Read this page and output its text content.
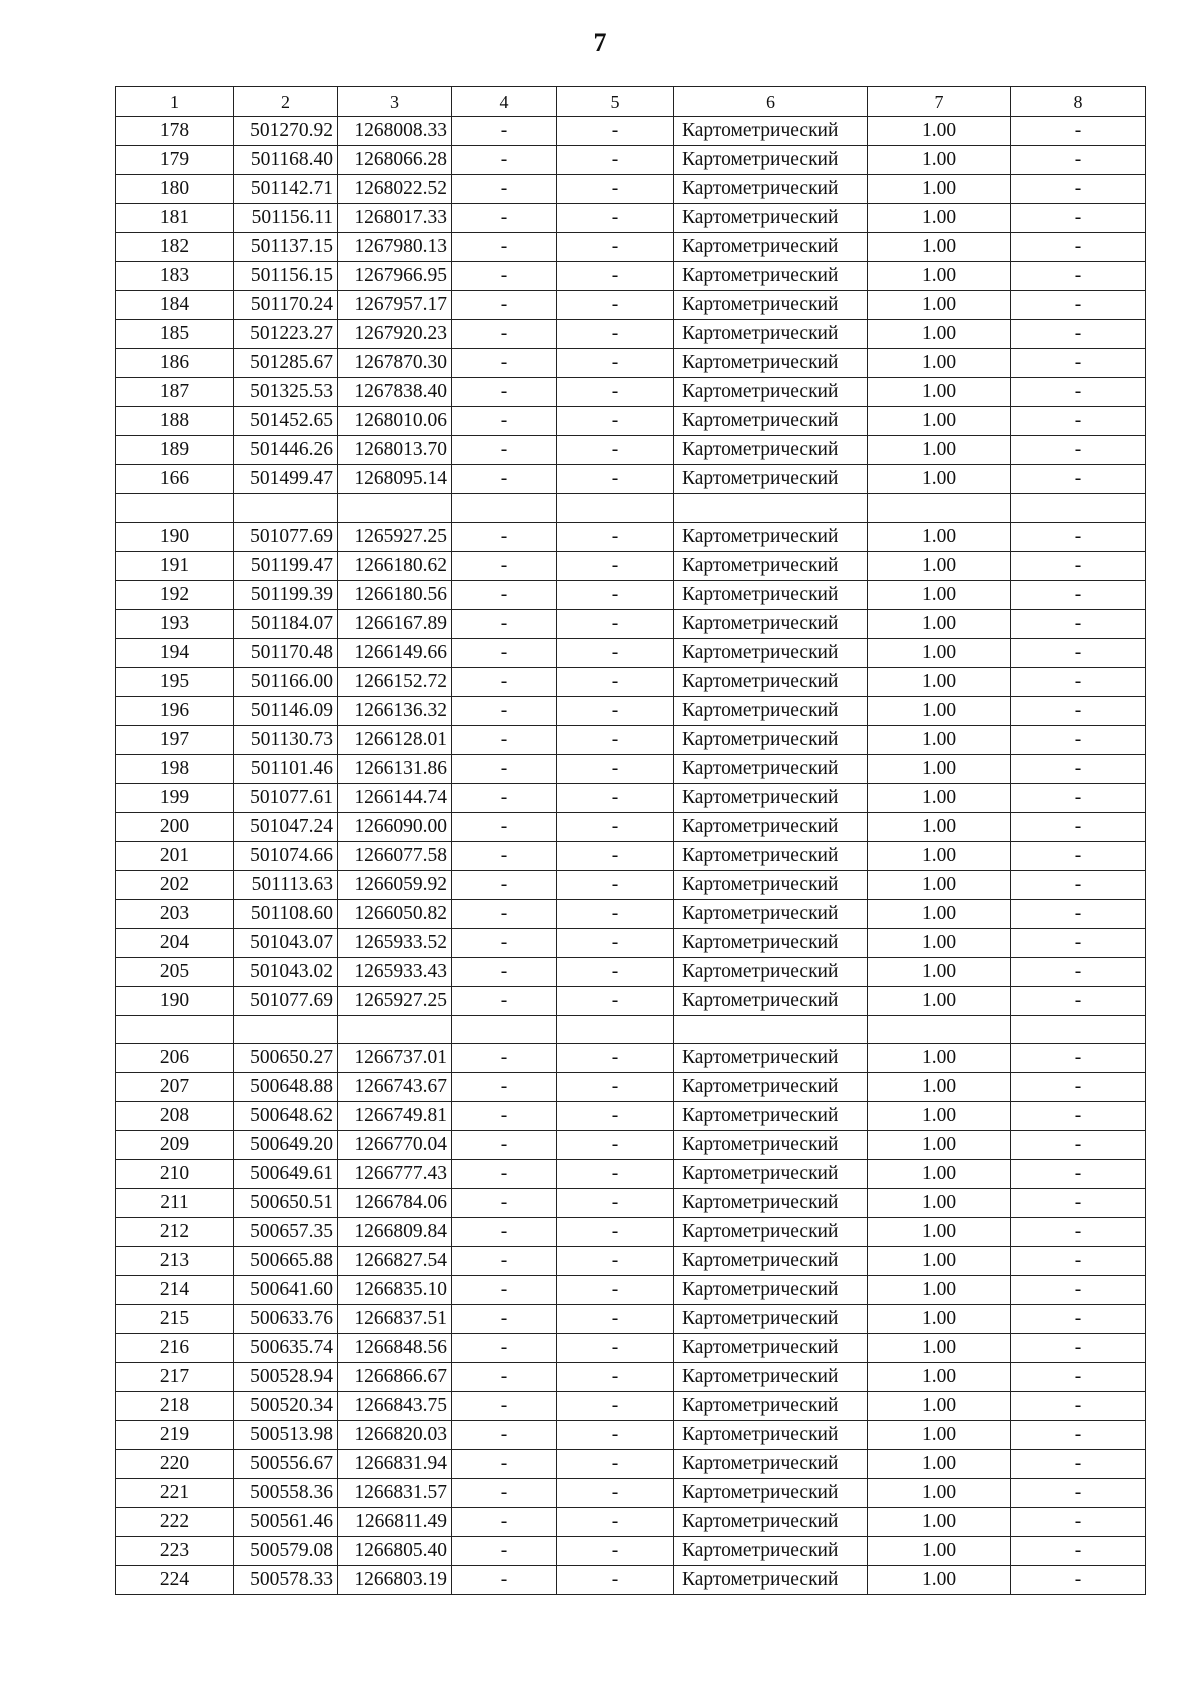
7
1	2	3	4	5	6	7	8
178	501270.92	1268008.33	-	-	Картометрический	1.00	-
179	501168.40	1268066.28	-	-	Картометрический	1.00	-
180	501142.71	1268022.52	-	-	Картометрический	1.00	-
181	501156.11	1268017.33	-	-	Картометрический	1.00	-
182	501137.15	1267980.13	-	-	Картометрический	1.00	-
183	501156.15	1267966.95	-	-	Картометрический	1.00	-
184	501170.24	1267957.17	-	-	Картометрический	1.00	-
185	501223.27	1267920.23	-	-	Картометрический	1.00	-
186	501285.67	1267870.30	-	-	Картометрический	1.00	-
187	501325.53	1267838.40	-	-	Картометрический	1.00	-
188	501452.65	1268010.06	-	-	Картометрический	1.00	-
189	501446.26	1268013.70	-	-	Картометрический	1.00	-
166	501499.47	1268095.14	-	-	Картометрический	1.00	-

190	501077.69	1265927.25	-	-	Картометрический	1.00	-
191	501199.47	1266180.62	-	-	Картометрический	1.00	-
192	501199.39	1266180.56	-	-	Картометрический	1.00	-
193	501184.07	1266167.89	-	-	Картометрический	1.00	-
194	501170.48	1266149.66	-	-	Картометрический	1.00	-
195	501166.00	1266152.72	-	-	Картометрический	1.00	-
196	501146.09	1266136.32	-	-	Картометрический	1.00	-
197	501130.73	1266128.01	-	-	Картометрический	1.00	-
198	501101.46	1266131.86	-	-	Картометрический	1.00	-
199	501077.61	1266144.74	-	-	Картометрический	1.00	-
200	501047.24	1266090.00	-	-	Картометрический	1.00	-
201	501074.66	1266077.58	-	-	Картометрический	1.00	-
202	501113.63	1266059.92	-	-	Картометрический	1.00	-
203	501108.60	1266050.82	-	-	Картометрический	1.00	-
204	501043.07	1265933.52	-	-	Картометрический	1.00	-
205	501043.02	1265933.43	-	-	Картометрический	1.00	-
190	501077.69	1265927.25	-	-	Картометрический	1.00	-

206	500650.27	1266737.01	-	-	Картометрический	1.00	-
207	500648.88	1266743.67	-	-	Картометрический	1.00	-
208	500648.62	1266749.81	-	-	Картометрический	1.00	-
209	500649.20	1266770.04	-	-	Картометрический	1.00	-
210	500649.61	1266777.43	-	-	Картометрический	1.00	-
211	500650.51	1266784.06	-	-	Картометрический	1.00	-
212	500657.35	1266809.84	-	-	Картометрический	1.00	-
213	500665.88	1266827.54	-	-	Картометрический	1.00	-
214	500641.60	1266835.10	-	-	Картометрический	1.00	-
215	500633.76	1266837.51	-	-	Картометрический	1.00	-
216	500635.74	1266848.56	-	-	Картометрический	1.00	-
217	500528.94	1266866.67	-	-	Картометрический	1.00	-
218	500520.34	1266843.75	-	-	Картометрический	1.00	-
219	500513.98	1266820.03	-	-	Картометрический	1.00	-
220	500556.67	1266831.94	-	-	Картометрический	1.00	-
221	500558.36	1266831.57	-	-	Картометрический	1.00	-
222	500561.46	1266811.49	-	-	Картометрический	1.00	-
223	500579.08	1266805.40	-	-	Картометрический	1.00	-
224	500578.33	1266803.19	-	-	Картометрический	1.00	-
